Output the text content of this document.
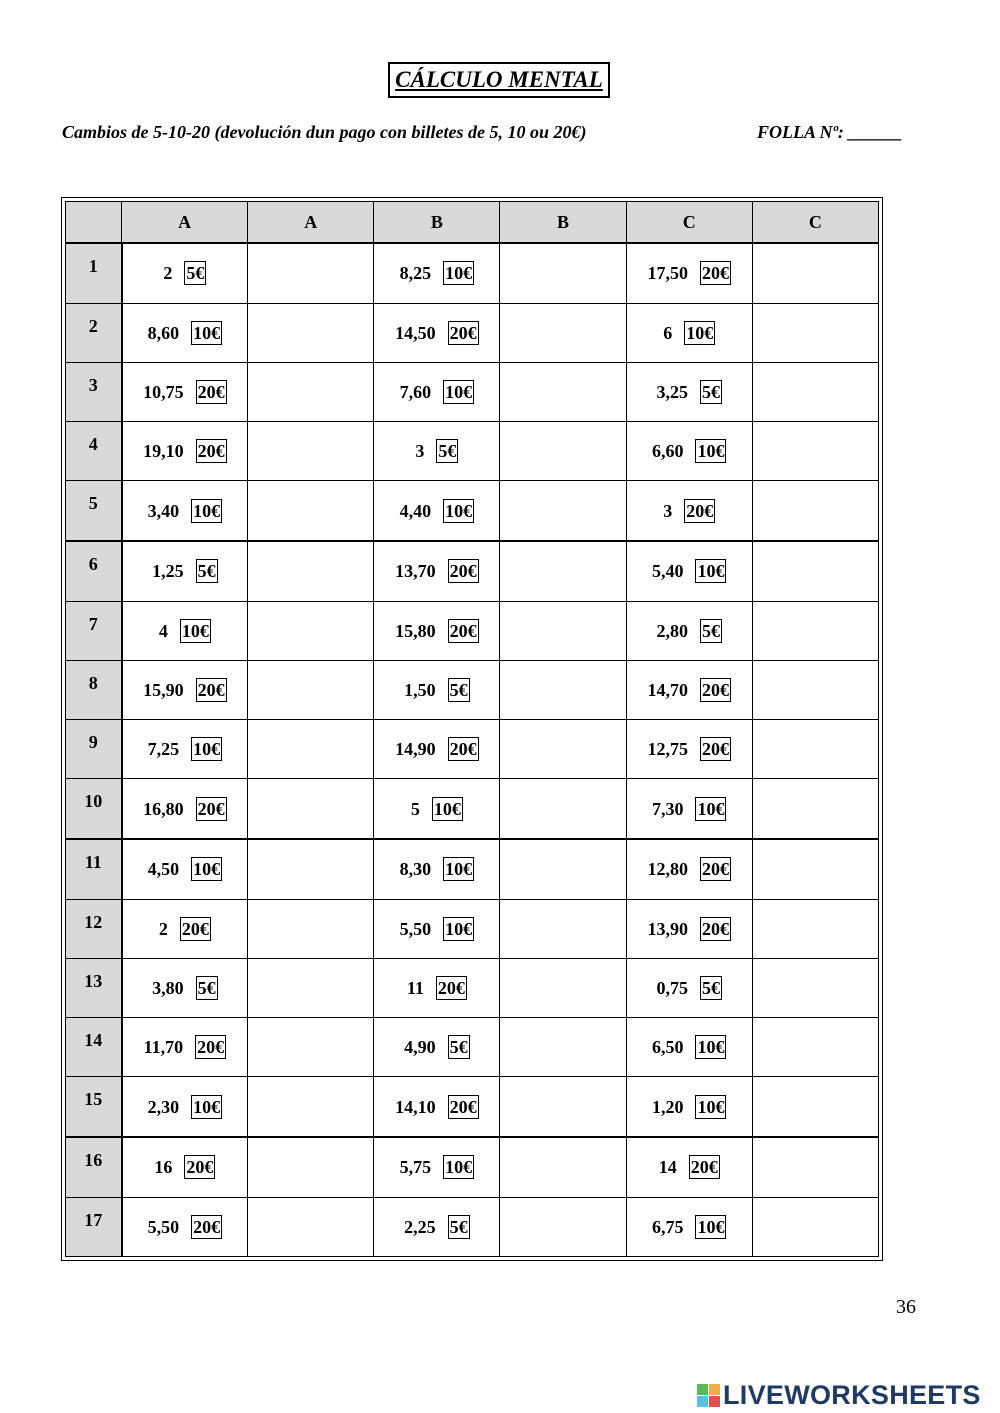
CÁLCULO MENTAL
Cambios de 5-10-20 (devolución dun pago con billetes de 5, 10 ou 20€)	FOLLA Nº: ______
	A	A	B	B	C	C
1	2 5€		8,25 10€		17,50 20€	
2	8,60 10€		14,50 20€		6 10€	
3	10,75 20€		7,60 10€		3,25 5€	
4	19,10 20€		3 5€		6,60 10€	
5	3,40 10€		4,40 10€		3 20€	
6	1,25 5€		13,70 20€		5,40 10€	
7	4 10€		15,80 20€		2,80 5€	
8	15,90 20€		1,50 5€		14,70 20€	
9	7,25 10€		14,90 20€		12,75 20€	
10	16,80 20€		5 10€		7,30 10€	
11	4,50 10€		8,30 10€		12,80 20€	
12	2 20€		5,50 10€		13,90 20€	
13	3,80 5€		11 20€		0,75 5€	
14	11,70 20€		4,90 5€		6,50 10€	
15	2,30 10€		14,10 20€		1,20 10€	
16	16 20€		5,75 10€		14 20€	
17	5,50 20€		2,25 5€		6,75 10€	
36
LIVEWORKSHEETS
